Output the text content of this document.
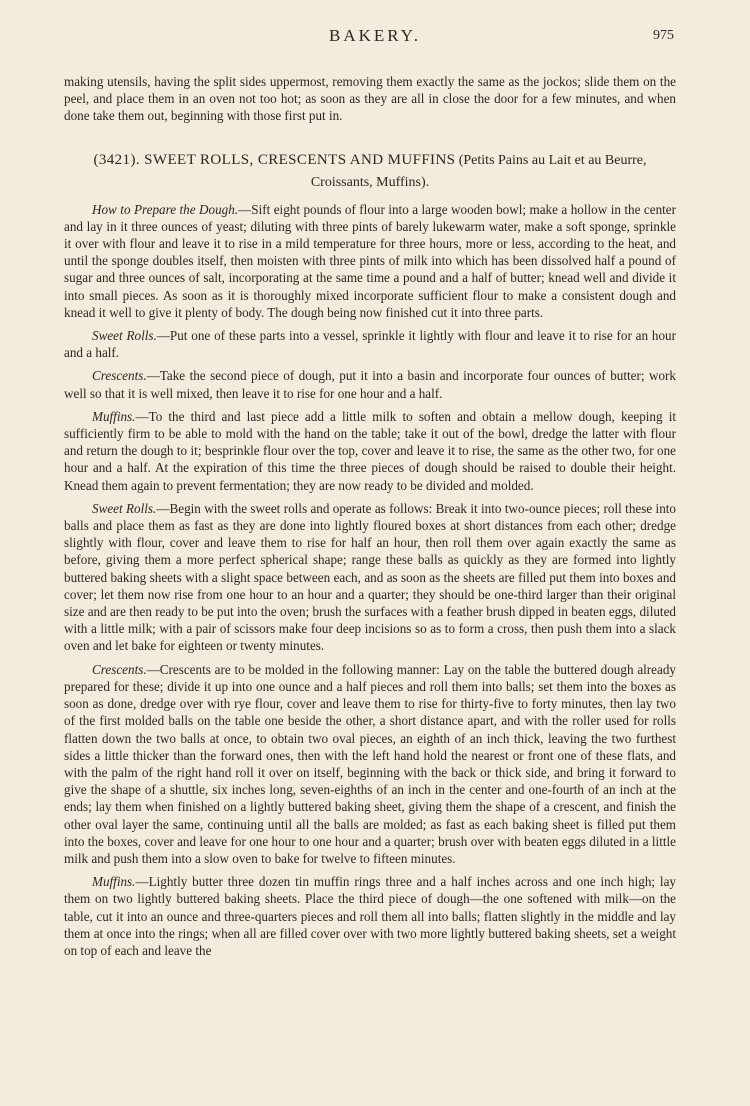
BAKERY.	975

making utensils, having the split sides uppermost, removing them exactly the same as the jockos; slide them on the peel, and place them in an oven not too hot; as soon as they are all in close the door for a few minutes, and when done take them out, beginning with those first put in.

(3421). SWEET ROLLS, CRESCENTS AND MUFFINS (Petits Pains au Lait et au Beurre, Croissants, Muffins).

How to Prepare the Dough.—Sift eight pounds of flour into a large wooden bowl; make a hollow in the center and lay in it three ounces of yeast; diluting with three pints of barely lukewarm water, make a soft sponge, sprinkle it over with flour and leave it to rise in a mild temperature for three hours, more or less, according to the heat, and until the sponge doubles itself, then moisten with three pints of milk into which has been dissolved half a pound of sugar and three ounces of salt, incorporating at the same time a pound and a half of butter; knead well and divide it into small pieces. As soon as it is thoroughly mixed incorporate sufficient flour to make a consistent dough and knead it well to give it plenty of body. The dough being now finished cut it into three parts.

Sweet Rolls.—Put one of these parts into a vessel, sprinkle it lightly with flour and leave it to rise for an hour and a half.

Crescents.—Take the second piece of dough, put it into a basin and incorporate four ounces of butter; work well so that it is well mixed, then leave it to rise for one hour and a half.

Muffins.—To the third and last piece add a little milk to soften and obtain a mellow dough, keeping it sufficiently firm to be able to mold with the hand on the table; take it out of the bowl, dredge the latter with flour and return the dough to it; besprinkle flour over the top, cover and leave it to rise, the same as the other two, for one hour and a half. At the expiration of this time the three pieces of dough should be raised to double their height. Knead them again to prevent fermentation; they are now ready to be divided and molded.

Sweet Rolls.—Begin with the sweet rolls and operate as follows: Break it into two-ounce pieces; roll these into balls and place them as fast as they are done into lightly floured boxes at short distances from each other; dredge slightly with flour, cover and leave them to rise for half an hour, then roll them over again exactly the same as before, giving them a more perfect spherical shape; range these balls as quickly as they are formed into lightly buttered baking sheets with a slight space between each, and as soon as the sheets are filled put them into boxes and cover; let them now rise from one hour to an hour and a quarter; they should be one-third larger than their original size and are then ready to be put into the oven; brush the surfaces with a feather brush dipped in beaten eggs, diluted with a little milk; with a pair of scissors make four deep incisions so as to form a cross, then push them into a slack oven and let bake for eighteen or twenty minutes.

Crescents.—Crescents are to be molded in the following manner: Lay on the table the buttered dough already prepared for these; divide it up into one ounce and a half pieces and roll them into balls; set them into the boxes as soon as done, dredge over with rye flour, cover and leave them to rise for thirty-five to forty minutes, then lay two of the first molded balls on the table one beside the other, a short distance apart, and with the roller used for rolls flatten down the two balls at once, to obtain two oval pieces, an eighth of an inch thick, leaving the two furthest sides a little thicker than the forward ones, then with the left hand hold the nearest or front one of these flats, and with the palm of the right hand roll it over on itself, beginning with the back or thick side, and bring it forward to give the shape of a shuttle, six inches long, seven-eighths of an inch in the center and one-fourth of an inch at the ends; lay them when finished on a lightly buttered baking sheet, giving them the shape of a crescent, and finish the other oval layer the same, continuing until all the balls are molded; as fast as each baking sheet is filled put them into the boxes, cover and leave for one hour to one hour and a quarter; brush over with beaten eggs diluted in a little milk and push them into a slow oven to bake for twelve to fifteen minutes.

Muffins.—Lightly butter three dozen tin muffin rings three and a half inches across and one inch high; lay them on two lightly buttered baking sheets. Place the third piece of dough—the one softened with milk—on the table, cut it into an ounce and three-quarters pieces and roll them all into balls; flatten slightly in the middle and lay them at once into the rings; when all are filled cover over with two more lightly buttered baking sheets, set a weight on top of each and leave the
